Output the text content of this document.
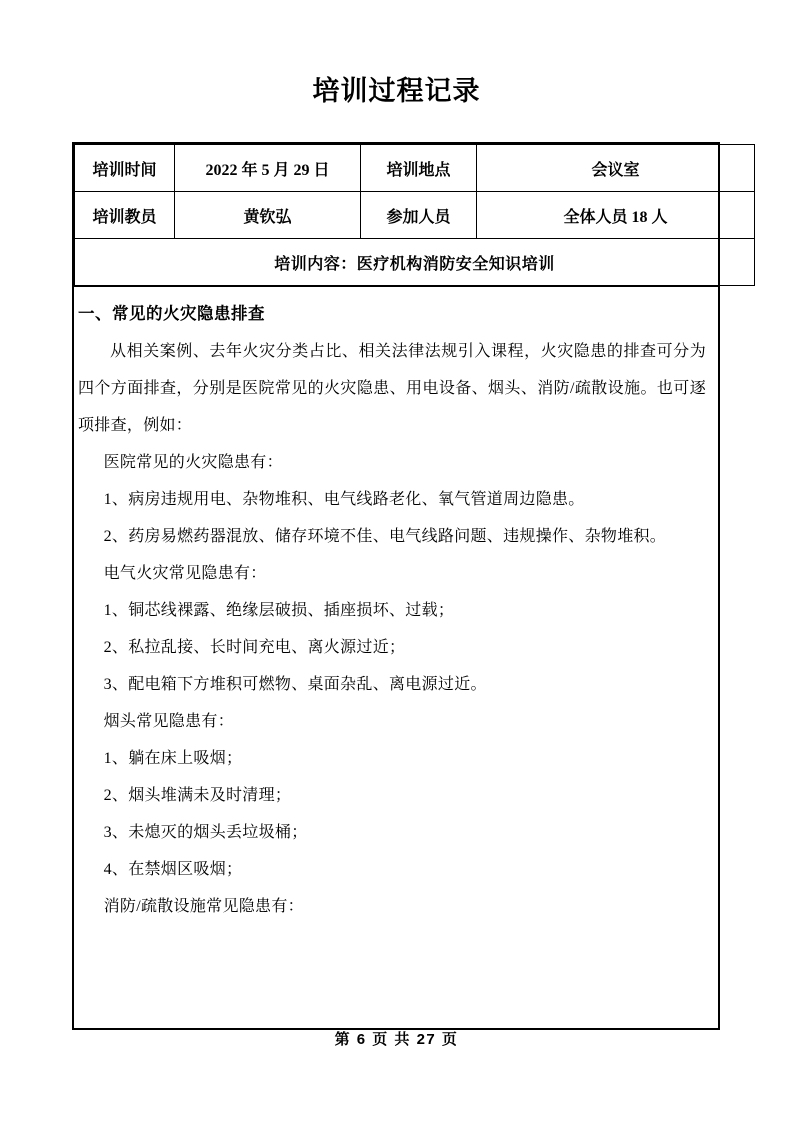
培训过程记录
培训时间	2022 年 5 月 29 日	培训地点	会议室
培训教员	黄钦弘	参加人员	全体人员 18 人
培训内容：医疗机构消防安全知识培训			

一、常见的火灾隐患排查

从相关案例、去年火灾分类占比、相关法律法规引入课程，火灾隐患的排查可分为四个方面排查，分别是医院常见的火灾隐患、用电设备、烟头、消防/疏散设施。也可逐项排查，例如：

医院常见的火灾隐患有：

1、病房违规用电、杂物堆积、电气线路老化、氧气管道周边隐患。

2、药房易燃药器混放、储存环境不佳、电气线路问题、违规操作、杂物堆积。

电气火灾常见隐患有：

1、铜芯线裸露、绝缘层破损、插座损坏、过载；

2、私拉乱接、长时间充电、离火源过近；

3、配电箱下方堆积可燃物、桌面杂乱、离电源过近。

烟头常见隐患有：

1、躺在床上吸烟；

2、烟头堆满未及时清理；

3、未熄灭的烟头丢垃圾桶；

4、在禁烟区吸烟；

消防/疏散设施常见隐患有：

第 6 页 共 27 页
